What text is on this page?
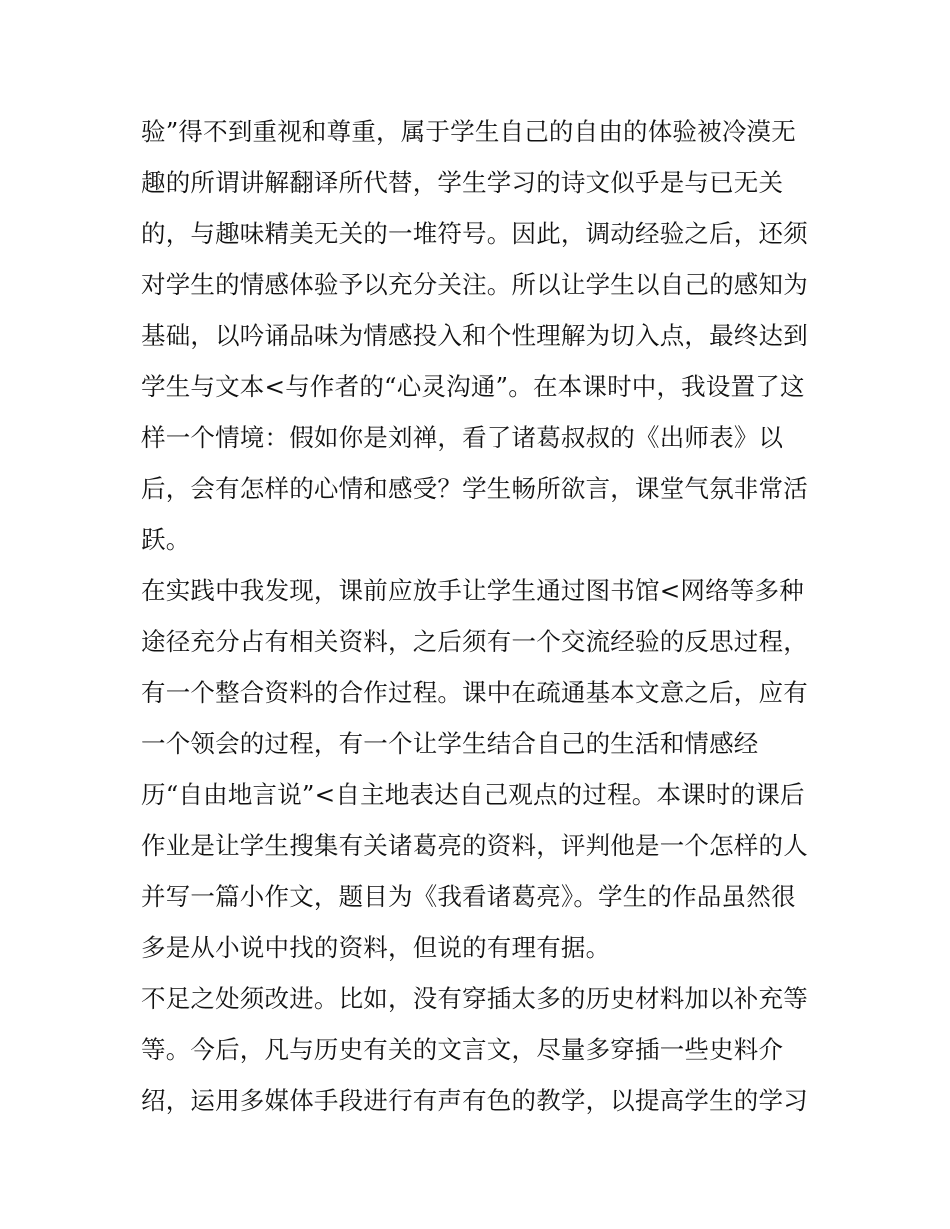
验”得不到重视和尊重，属于学生自己的自由的体验被冷漠无
趣的所谓讲解翻译所代替，学生学习的诗文似乎是与已无关
的，与趣味精美无关的一堆符号。因此，调动经验之后，还须
对学生的情感体验予以充分关注。所以让学生以自己的感知为
基础，以吟诵品味为情感投入和个性理解为切入点，最终达到
学生与文本<与作者的“心灵沟通”。在本课时中，我设置了这
样一个情境：假如你是刘禅，看了诸葛叔叔的《出师表》以
后，会有怎样的心情和感受？学生畅所欲言，课堂气氛非常活
跃。
在实践中我发现，课前应放手让学生通过图书馆<网络等多种
途径充分占有相关资料，之后须有一个交流经验的反思过程，
有一个整合资料的合作过程。课中在疏通基本文意之后，应有
一个领会的过程，有一个让学生结合自己的生活和情感经
历“自由地言说”<自主地表达自己观点的过程。本课时的课后
作业是让学生搜集有关诸葛亮的资料，评判他是一个怎样的人
并写一篇小作文，题目为《我看诸葛亮》。学生的作品虽然很
多是从小说中找的资料，但说的有理有据。
不足之处须改进。比如，没有穿插太多的历史材料加以补充等
等。今后，凡与历史有关的文言文，尽量多穿插一些史料介
绍，运用多媒体手段进行有声有色的教学，以提高学生的学习
